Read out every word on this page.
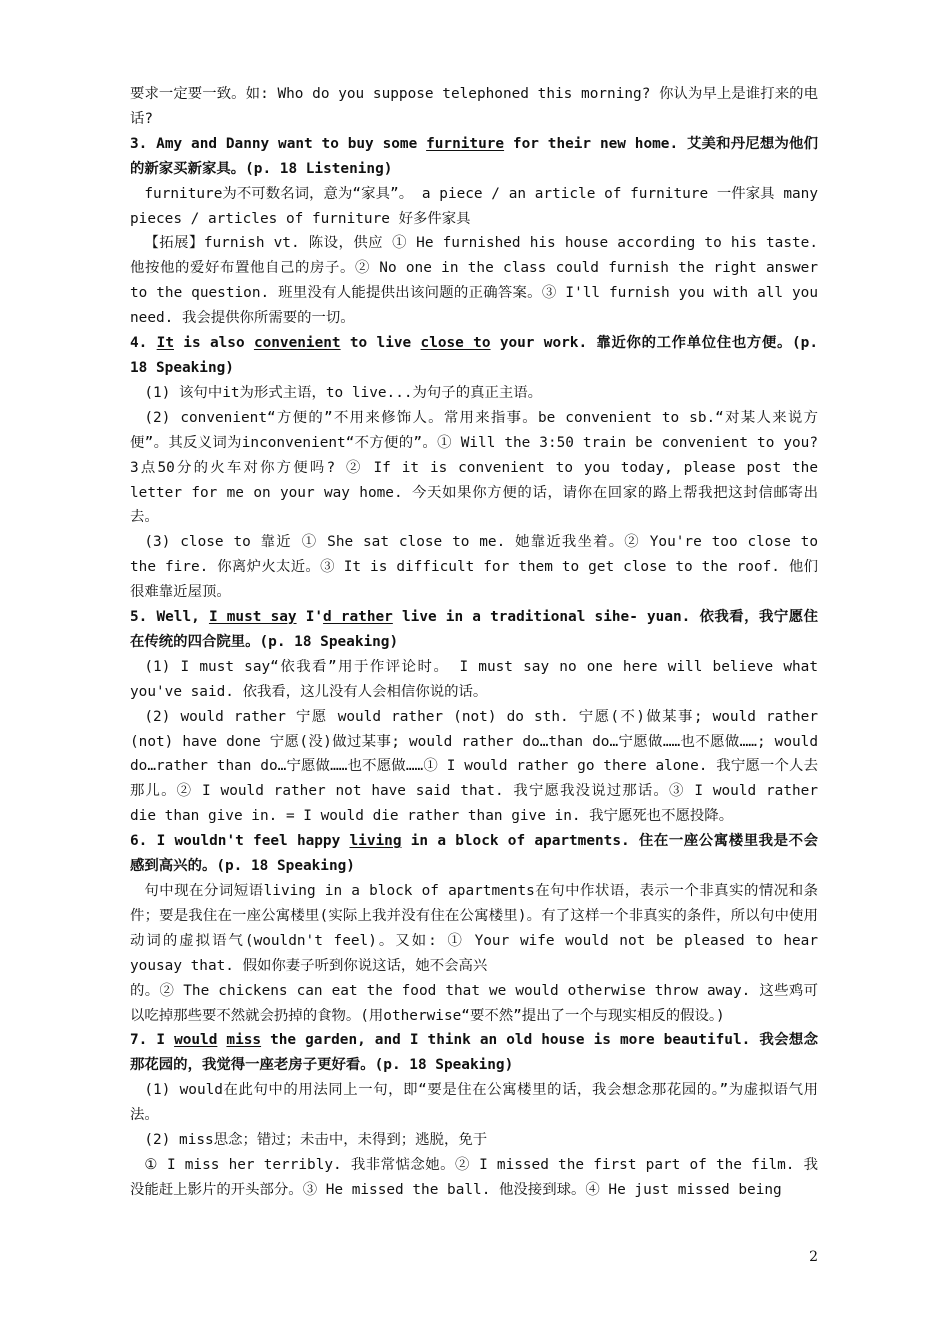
要求一定要一致。如: Who do you suppose telephoned this morning? 你认为早上是谁打来的电话?

3. Amy and Danny want to buy some furniture for their new home. 艾美和丹尼想为他们的新家买新家具。(p. 18 Listening)

furniture为不可数名词，意为“家具”。 a piece / an article of furniture 一件家具 many pieces / articles of furniture 好多件家具

【拓展】furnish vt. 陈设，供应 ① He furnished his house according to his taste. 他按他的爱好布置他自己的房子。② No one in the class could furnish the right answer to the question. 班里没有人能提供出该问题的正确答案。③ I'll furnish you with all you need. 我会提供你所需要的一切。

4. It is also convenient to live close to your work. 靠近你的工作单位住也方便。(p. 18 Speaking)

(1) 该句中it为形式主语，to live...为句子的真正主语。

(2) convenient“方便的”不用来修饰人。常用来指事。be convenient to sb.“对某人来说方便”。其反义词为inconvenient“不方便的”。① Will the 3:50 train be convenient to you? 3点50分的火车对你方便吗? ② If it is convenient to you today, please post the letter for me on your way home. 今天如果你方便的话，请你在回家的路上帮我把这封信邮寄出去。

(3) close to 靠近 ① She sat close to me. 她靠近我坐着。② You're too close to the fire. 你离炉火太近。③ It is difficult for them to get close to the roof. 他们很难靠近屋顶。

5. Well, I must say I'd rather live in a traditional sihe- yuan. 依我看，我宁愿住在传统的四合院里。(p. 18 Speaking)

(1) I must say“依我看”用于作评论时。 I must say no one here will believe what you've said. 依我看，这儿没有人会相信你说的话。

(2) would rather 宁愿 would rather (not) do sth. 宁愿(不)做某事; would rather (not) have done 宁愿(没)做过某事; would rather do…than do…宁愿做……也不愿做……; would do…rather than do…宁愿做……也不愿做……① I would rather go there alone. 我宁愿一个人去那儿。② I would rather not have said that. 我宁愿我没说过那话。③ I would rather die than give in. = I would die rather than give in. 我宁愿死也不愿投降。

6. I wouldn't feel happy living in a block of apartments. 住在一座公寓楼里我是不会感到高兴的。(p. 18 Speaking)

句中现在分词短语living in a block of apartments在句中作状语，表示一个非真实的情况和条件；要是我住在一座公寓楼里(实际上我并没有住在公寓楼里)。有了这样一个非真实的条件，所以句中使用动词的虚拟语气(wouldn't feel)。又如: ① Your wife would not be pleased to hear yousay that. 假如你妻子听到你说这话，她不会高兴

的。② The chickens can eat the food that we would otherwise throw away. 这些鸡可以吃掉那些要不然就会扔掉的食物。(用otherwise“要不然”提出了一个与现实相反的假设。)

7. I would miss the garden, and I think an old house is more beautiful. 我会想念那花园的，我觉得一座老房子更好看。(p. 18 Speaking)

(1) would在此句中的用法同上一句，即“要是住在公寓楼里的话，我会想念那花园的。”为虚拟语气用法。

(2) miss思念；错过；未击中，未得到；逃脱，免于

① I miss her terribly. 我非常惦念她。② I missed the first part of the film. 我没能赶上影片的开头部分。③ He missed the ball. 他没接到球。④ He just missed being

2
